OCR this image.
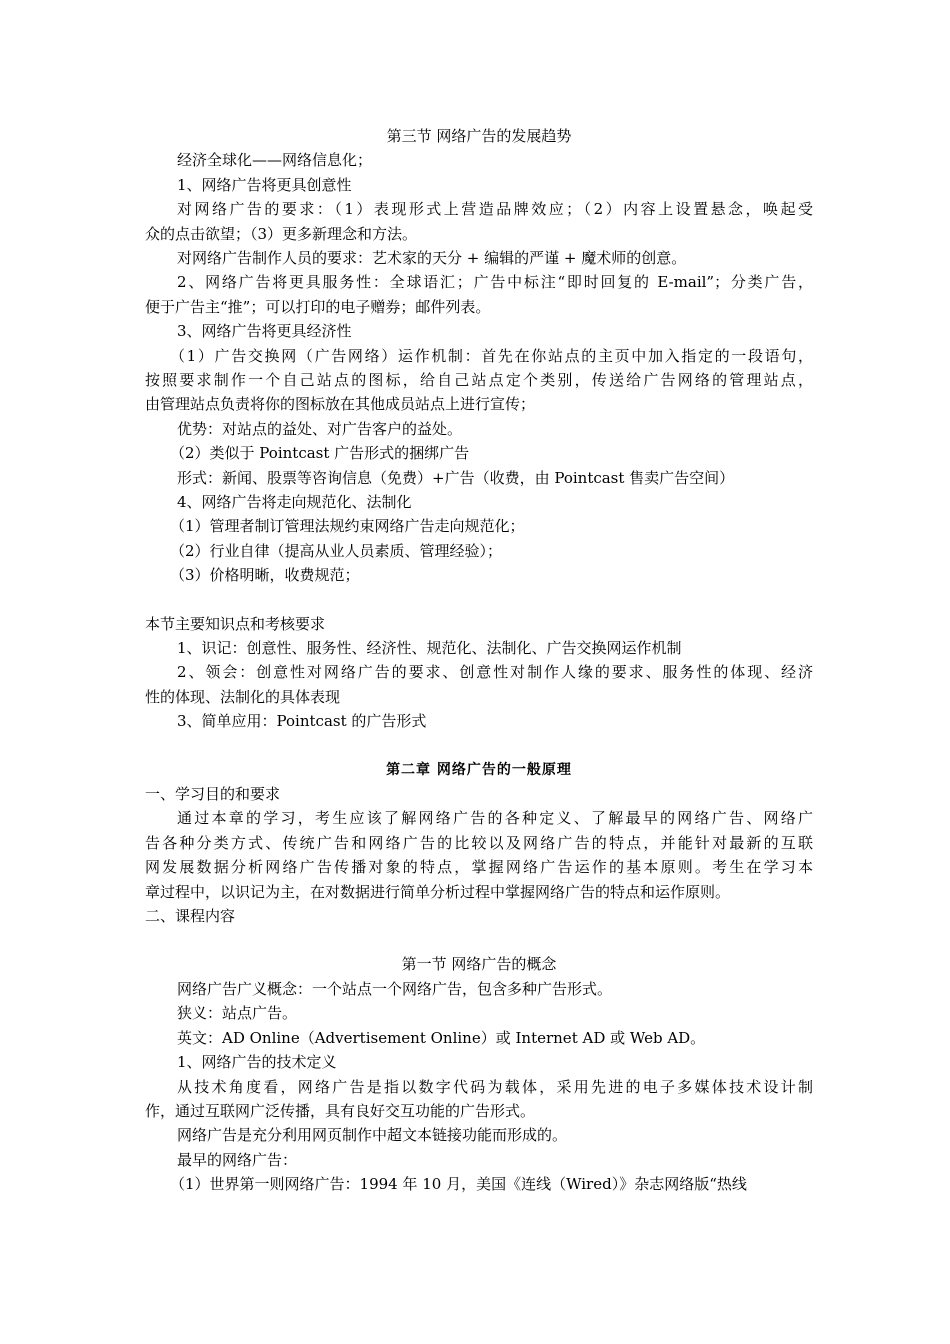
第三节 网络广告的发展趋势

经济全球化——网络信息化；

1、网络广告将更具创意性

对网络广告的要求：（1）表现形式上营造品牌效应；（2）内容上设置悬念，唤起受

众的点击欲望；（3）更多新理念和方法。

对网络广告制作人员的要求：艺术家的天分 + 编辑的严谨 + 魔术师的创意。

2、网络广告将更具服务性：全球语汇；广告中标注“即时回复的 E-mail”；分类广告，

便于广告主“推”；可以打印的电子赠券；邮件列表。

3、网络广告将更具经济性

（1）广告交换网（广告网络）运作机制：首先在你站点的主页中加入指定的一段语句，

按照要求制作一个自己站点的图标，给自己站点定个类别，传送给广告网络的管理站点，

由管理站点负责将你的图标放在其他成员站点上进行宣传；

优势：对站点的益处、对广告客户的益处。

（2）类似于 Pointcast 广告形式的捆绑广告

形式：新闻、股票等咨询信息（免费）+广告（收费，由 Pointcast 售卖广告空间）

4、网络广告将走向规范化、法制化

（1）管理者制订管理法规约束网络广告走向规范化；

（2）行业自律（提高从业人员素质、管理经验）；

（3）价格明晰，收费规范；

本节主要知识点和考核要求

1、识记：创意性、服务性、经济性、规范化、法制化、广告交换网运作机制

2、领会：创意性对网络广告的要求、创意性对制作人缘的要求、服务性的体现、经济

性的体现、法制化的具体表现

3、简单应用：Pointcast 的广告形式

第二章 网络广告的一般原理

一、学习目的和要求

通过本章的学习，考生应该了解网络广告的各种定义、了解最早的网络广告、网络广

告各种分类方式、传统广告和网络广告的比较以及网络广告的特点，并能针对最新的互联

网发展数据分析网络广告传播对象的特点，掌握网络广告运作的基本原则。考生在学习本

章过程中，以识记为主，在对数据进行简单分析过程中掌握网络广告的特点和运作原则。

二、课程内容

第一节 网络广告的概念

网络广告广义概念：一个站点一个网络广告，包含多种广告形式。

狭义：站点广告。

英文：AD Online（Advertisement Online）或 Internet AD 或 Web AD。

1、网络广告的技术定义

从技术角度看，网络广告是指以数字代码为载体，采用先进的电子多媒体技术设计制

作，通过互联网广泛传播，具有良好交互功能的广告形式。

网络广告是充分利用网页制作中超文本链接功能而形成的。

最早的网络广告：

（1）世界第一则网络广告：1994 年 10 月，美国《连线（Wired）》杂志网络版“热线
